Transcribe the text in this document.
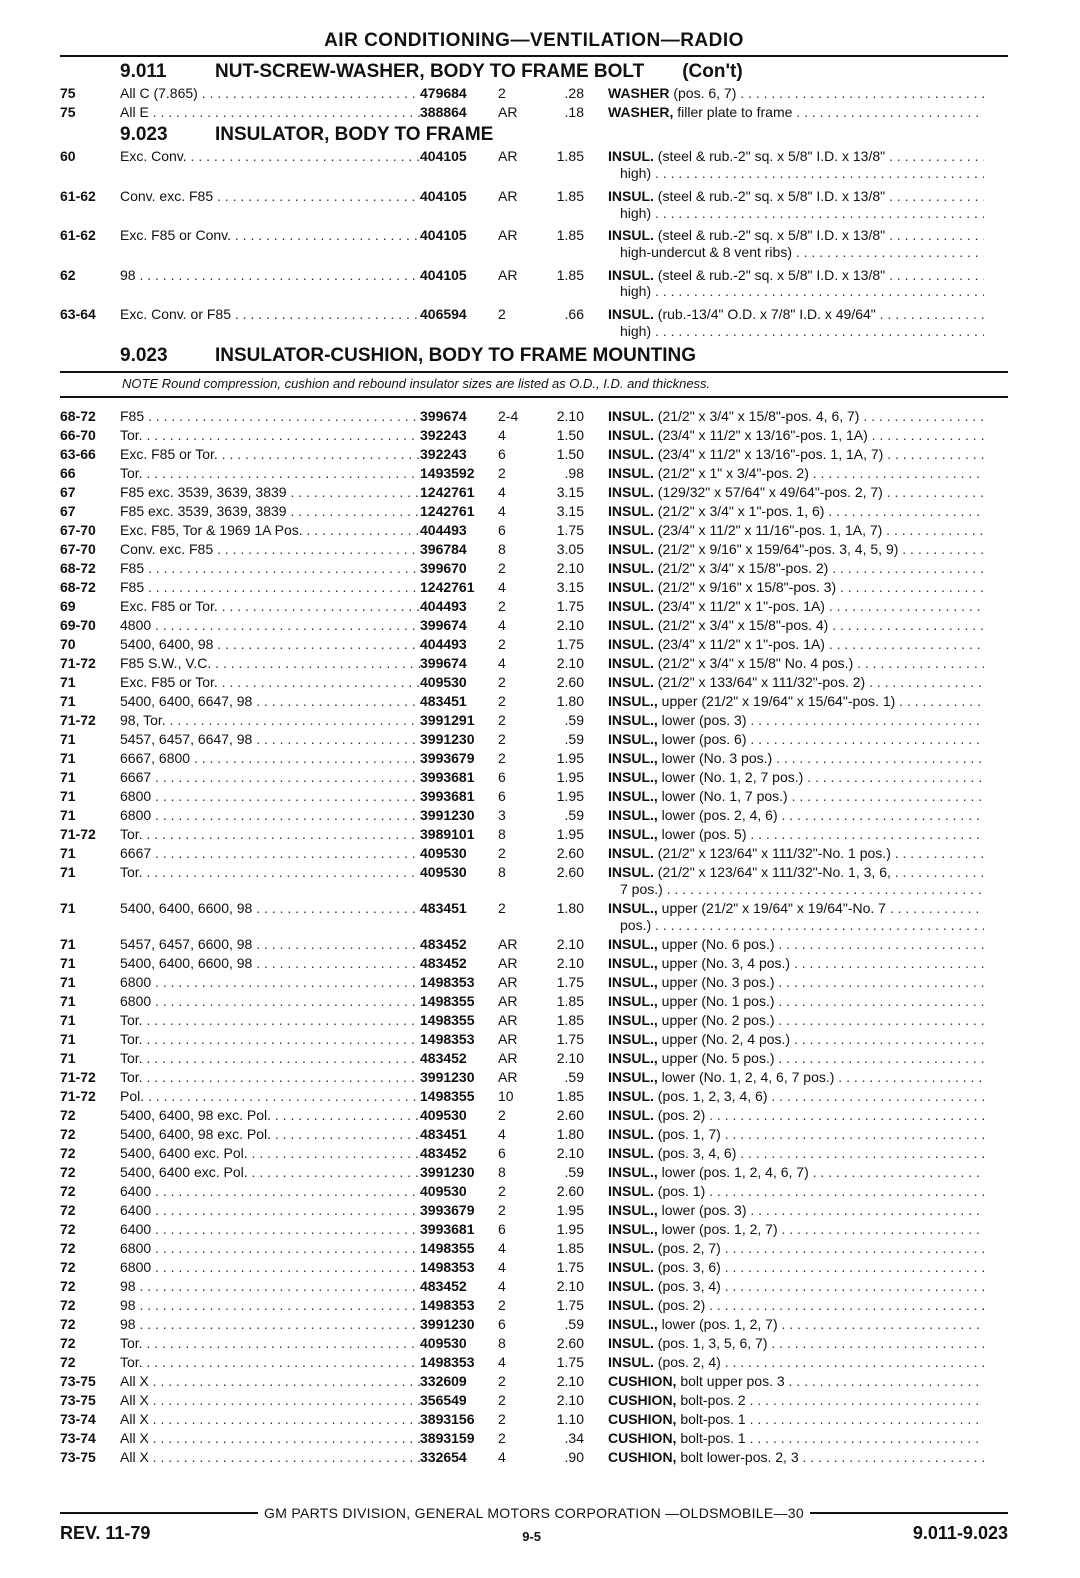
AIR CONDITIONING—VENTILATION—RADIO
9.011	NUT-SCREW-WASHER, BODY TO FRAME BOLT (Con't)
75	All C (7.865) . . .	479684	2	.28	WASHER (pos. 6, 7) . . .
75	All E . . .	388864	AR	.18	WASHER, filler plate to frame . . .
9.023 INSULATOR, BODY TO FRAME
60	Exc. Conv. . . .	404105	AR	1.85	INSUL. (steel & rub.-2" sq. x 5/8" I.D. x 13/8" . . .
high) . . .
61-62	Conv. exc. F85 . . .	404105	AR	1.85	INSUL. (steel & rub.-2" sq. x 5/8" I.D. x 13/8" . . .
high) . . .
61-62	Exc. F85 or Conv. . . .	404105	AR	1.85	INSUL. (steel & rub.-2" sq. x 5/8" I.D. x 13/8" . . .
high-undercut & 8 vent ribs) . . .
62	98 . . .	404105	AR	1.85	INSUL. (steel & rub.-2" sq. x 5/8" I.D. x 13/8" . . .
high) . . .
63-64	Exc. Conv. or F85 . . .	406594	2	.66	INSUL. (rub.-13/4" O.D. x 7/8" I.D. x 49/64" . . .
high) . . .
9.023 INSULATOR-CUSHION, BODY TO FRAME MOUNTING
NOTE Round compression, cushion and rebound insulator sizes are listed as O.D., I.D. and thickness.
68-72	F85 . . .	399674	2-4	2.10	INSUL. (21/2" x 3/4" x 15/8"-pos. 4, 6, 7) . . .
66-70	Tor. . . .	392243	4	1.50	INSUL. (23/4" x 11/2" x 13/16"-pos. 1, 1A) . . .
63-66	Exc. F85 or Tor. . . .	392243	6	1.50	INSUL. (23/4" x 11/2" x 13/16"-pos. 1, 1A, 7) . . .
66	Tor. . . .	1493592	2	.98	INSUL. (21/2" x 1" x 3/4"-pos. 2) . . .
67	F85 exc. 3539, 3639, 3839 . . .	1242761	4	3.15	INSUL. (129/32" x 57/64" x 49/64"-pos. 2, 7) . . .
67	F85 exc. 3539, 3639, 3839 . . .	1242761	4	3.15	INSUL. (21/2" x 3/4" x 1"-pos. 1, 6) . . .
67-70	Exc. F85, Tor & 1969 1A Pos. . . .	404493	6	1.75	INSUL. (23/4" x 11/2" x 11/16"-pos. 1, 1A, 7) . . .
67-70	Conv. exc. F85 . . .	396784	8	3.05	INSUL. (21/2" x 9/16" x 159/64"-pos. 3, 4, 5, 9) . . .
68-72	F85 . . .	399670	2	2.10	INSUL. (21/2" x 3/4" x 15/8"-pos. 2) . . .
68-72	F85 . . .	1242761	4	3.15	INSUL. (21/2" x 9/16" x 15/8"-pos. 3) . . .
69	Exc. F85 or Tor. . . .	404493	2	1.75	INSUL. (23/4" x 11/2" x 1"-pos. 1A) . . .
69-70	4800 . . .	399674	4	2.10	INSUL. (21/2" x 3/4" x 15/8"-pos. 4) . . .
70	5400, 6400, 98 . . .	404493	2	1.75	INSUL. (23/4" x 11/2" x 1"-pos. 1A) . . .
71-72	F85 S.W., V.C. . . .	399674	4	2.10	INSUL. (21/2" x 3/4" x 15/8" No. 4 pos.) . . .
71	Exc. F85 or Tor. . . .	409530	2	2.60	INSUL. (21/2" x 133/64" x 111/32"-pos. 2) . . .
71	5400, 6400, 6647, 98 . . .	483451	2	1.80	INSUL., upper (21/2" x 19/64" x 15/64"-pos. 1) . . .
71-72	98, Tor. . . .	3991291	2	.59	INSUL., lower (pos. 3) . . .
71	5457, 6457, 6647, 98 . . .	3991230	2	.59	INSUL., lower (pos. 6) . . .
71	6667, 6800 . . .	3993679	2	1.95	INSUL., lower (No. 3 pos.) . . .
71	6667 . . .	3993681	6	1.95	INSUL., lower (No. 1, 2, 7 pos.) . . .
71	6800 . . .	3993681	6	1.95	INSUL., lower (No. 1, 7 pos.) . . .
71	6800 . . .	3991230	3	.59	INSUL., lower (pos. 2, 4, 6) . . .
71-72	Tor. . . .	3989101	8	1.95	INSUL., lower (pos. 5) . . .
71	6667 . . .	409530	2	2.60	INSUL. (21/2" x 123/64" x 111/32"-No. 1 pos.) . . .
71	Tor. . . .	409530	8	2.60	INSUL. (21/2" x 123/64" x 111/32"-No. 1, 3, 6, . . .
7 pos.) . . .
71	5400, 6400, 6600, 98 . . .	483451	2	1.80	INSUL., upper (21/2" x 19/64" x 19/64"-No. 7 . . .
pos.) . . .
71	5457, 6457, 6600, 98 . . .	483452	AR	2.10	INSUL., upper (No. 6 pos.) . . .
71	5400, 6400, 6600, 98 . . .	483452	AR	2.10	INSUL., upper (No. 3, 4 pos.) . . .
71	6800 . . .	1498353	AR	1.75	INSUL., upper (No. 3 pos.) . . .
71	6800 . . .	1498355	AR	1.85	INSUL., upper (No. 1 pos.) . . .
71	Tor. . . .	1498355	AR	1.85	INSUL., upper (No. 2 pos.) . . .
71	Tor. . . .	1498353	AR	1.75	INSUL., upper (No. 2, 4 pos.) . . .
71	Tor. . . .	483452	AR	2.10	INSUL., upper (No. 5 pos.) . . .
71-72	Tor. . . .	3991230	AR	.59	INSUL., lower (No. 1, 2, 4, 6, 7 pos.) . . .
71-72	Pol. . . .	1498355	10	1.85	INSUL. (pos. 1, 2, 3, 4, 6) . . .
72	5400, 6400, 98 exc. Pol. . . .	409530	2	2.60	INSUL. (pos. 2) . . .
72	5400, 6400, 98 exc. Pol. . . .	483451	4	1.80	INSUL. (pos. 1, 7) . . .
72	5400, 6400 exc. Pol. . . .	483452	6	2.10	INSUL. (pos. 3, 4, 6) . . .
72	5400, 6400 exc. Pol. . . .	3991230	8	.59	INSUL., lower (pos. 1, 2, 4, 6, 7) . . .
72	6400 . . .	409530	2	2.60	INSUL. (pos. 1) . . .
72	6400 . . .	3993679	2	1.95	INSUL., lower (pos. 3) . . .
72	6400 . . .	3993681	6	1.95	INSUL., lower (pos. 1, 2, 7) . . .
72	6800 . . .	1498355	4	1.85	INSUL. (pos. 2, 7) . . .
72	6800 . . .	1498353	4	1.75	INSUL. (pos. 3, 6) . . .
72	98 . . .	483452	4	2.10	INSUL. (pos. 3, 4) . . .
72	98 . . .	1498353	2	1.75	INSUL. (pos. 2) . . .
72	98 . . .	3991230	6	.59	INSUL., lower (pos. 1, 2, 7) . . .
72	Tor. . . .	409530	8	2.60	INSUL. (pos. 1, 3, 5, 6, 7) . . .
72	Tor. . . .	1498353	4	1.75	INSUL. (pos. 2, 4) . . .
73-75	All X . . .	332609	2	2.10	CUSHION, bolt upper pos. 3 . . .
73-75	All X . . .	356549	2	2.10	CUSHION, bolt-pos. 2 . . .
73-74	All X . . .	3893156	2	1.10	CUSHION, bolt-pos. 1 . . .
73-74	All X . . .	3893159	2	.34	CUSHION, bolt-pos. 1 . . .
73-75	All X . . .	332654	4	.90	CUSHION, bolt lower-pos. 2, 3 . . .
GM PARTS DIVISION, GENERAL MOTORS CORPORATION —OLDSMOBILE—30
REV. 11-79	9-5	9.011-9.023
